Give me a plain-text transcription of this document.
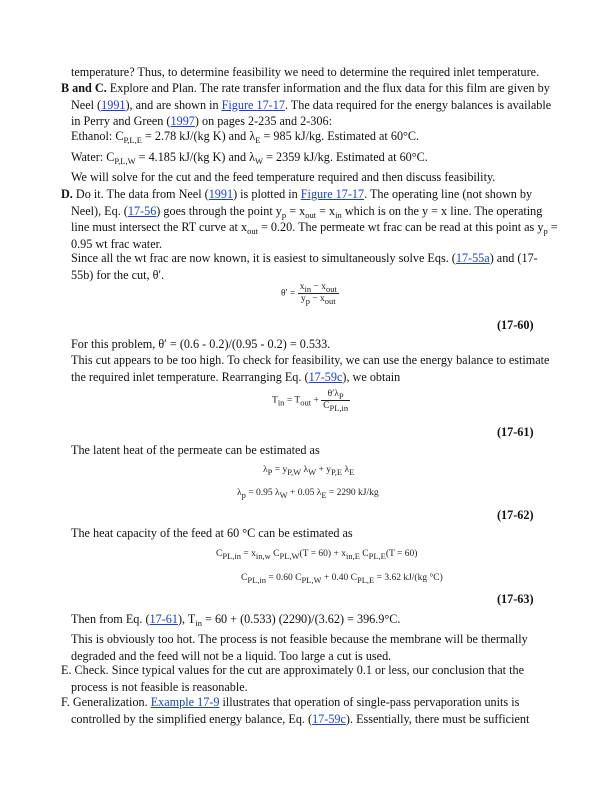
temperature? Thus, to determine feasibility we need to determine the required inlet temperature.

B and C. Explore and Plan. The rate transfer information and the flux data for this film are given by Neel (1991), and are shown in Figure 17-17. The data required for the energy balances is available in Perry and Green (1997) on pages 2-235 and 2-306:

Ethanol: $C_{P,L,E} = 2.78$ kJ/(kg K) and $\lambda_E = 985$ kJ/kg. Estimated at 60°C.

Water: $C_{P,L,W} = 4.185$ kJ/(kg K) and $\lambda_W = 2359$ kJ/kg. Estimated at 60°C.

We will solve for the cut and the feed temperature required and then discuss feasibility.

D. Do it. The data from Neel (1991) is plotted in Figure 17-17. The operating line (not shown by Neel), Eq. (17-56) goes through the point $y_p = x_{out} = x_{in}$ which is on the y = x line. The operating line must intersect the RT curve at $x_{out} = 0.20$. The permeate wt frac can be read at this point as $y_p = 0.95$ wt frac water.

Since all the wt frac are now known, it is easiest to simultaneously solve Eqs. (17-55a) and (17-55b) for the cut, θ′.

$\theta' = \frac{x_{in} - x_{out}}{y_p - x_{out}}$
(17-60)

For this problem, θ′ = (0.6 - 0.2)/(0.95 - 0.2) = 0.533.

This cut appears to be too high. To check for feasibility, we can use the energy balance to estimate the required inlet temperature. Rearranging Eq. (17-59c), we obtain

$T_{in} = T_{out} + \frac{\theta'\lambda_P}{C_{PL,in}}$
(17-61)

The latent heat of the permeate can be estimated as

$\lambda_P = y_{P,W}$ $\lambda_W + y_{P,E}$ $\lambda_E$
$\lambda_p = 0.95$ $\lambda_W + 0.05$ $\lambda_E = 2290$ kJ/kg
(17-62)

The heat capacity of the feed at 60 °C can be estimated as

$C_{PL,in} = x_{in,w}$ $C_{PL,W}(T = 60) + x_{in,E}$ $C_{PL,E}(T = 60)$
$C_{PL,in} = 0.60$ $C_{PL,W} + 0.40$ $C_{PL,E} = 3.62$ kJ/(kg °C)
(17-63)

Then from Eq. (17-61), $T_{in} = 60 + (0.533) (2290)/(3.62) = 396.9^\circ C$.

This is obviously too hot. The process is not feasible because the membrane will be thermally degraded and the feed will not be a liquid. Too large a cut is used.

E. Check. Since typical values for the cut are approximately 0.1 or less, our conclusion that the process is not feasible is reasonable.

F. Generalization. Example 17-9 illustrates that operation of single-pass pervaporation units is controlled by the simplified energy balance, Eq. (17-59c). Essentially, there must be sufficient
